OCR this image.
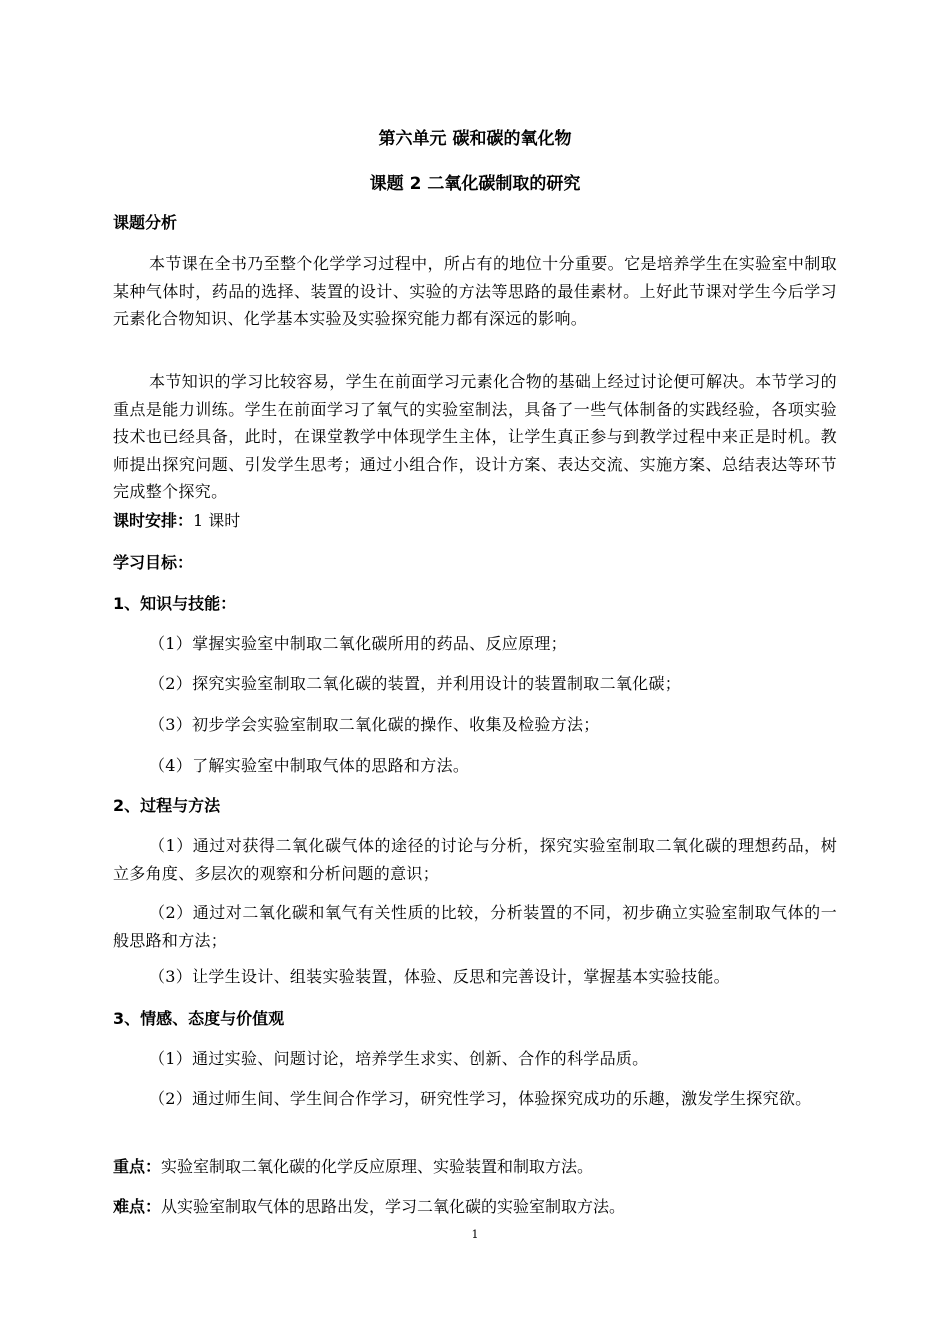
第六单元 碳和碳的氧化物
课题 2 二氧化碳制取的研究
课题分析

本节课在全书乃至整个化学学习过程中，所占有的地位十分重要。它是培养学生在实验室中制取某种气体时，药品的选择、装置的设计、实验的方法等思路的最佳素材。上好此节课对学生今后学习元素化合物知识、化学基本实验及实验探究能力都有深远的影响。

本节知识的学习比较容易，学生在前面学习元素化合物的基础上经过讨论便可解决。本节学习的重点是能力训练。学生在前面学习了氧气的实验室制法，具备了一些气体制备的实践经验，各项实验技术也已经具备，此时，在课堂教学中体现学生主体，让学生真正参与到教学过程中来正是时机。教师提出探究问题、引发学生思考；通过小组合作，设计方案、表达交流、实施方案、总结表达等环节完成整个探究。

课时安排：1 课时
学习目标：
1、知识与技能：
（1）掌握实验室中制取二氧化碳所用的药品、反应原理；
（2）探究实验室制取二氧化碳的装置，并利用设计的装置制取二氧化碳；
（3）初步学会实验室制取二氧化碳的操作、收集及检验方法；
（4）了解实验室中制取气体的思路和方法。
2、过程与方法

（1）通过对获得二氧化碳气体的途径的讨论与分析，探究实验室制取二氧化碳的理想药品，树立多角度、多层次的观察和分析问题的意识；

（2）通过对二氧化碳和氧气有关性质的比较，分析装置的不同，初步确立实验室制取气体的一般思路和方法；

（3）让学生设计、组装实验装置，体验、反思和完善设计，掌握基本实验技能。
3、情感、态度与价值观
（1）通过实验、问题讨论，培养学生求实、创新、合作的科学品质。

（2）通过师生间、学生间合作学习，研究性学习，体验探究成功的乐趣，激发学生探究欲。

重点：实验室制取二氧化碳的化学反应原理、实验装置和制取方法。
难点：从实验室制取气体的思路出发，学习二氧化碳的实验室制取方法。
1
